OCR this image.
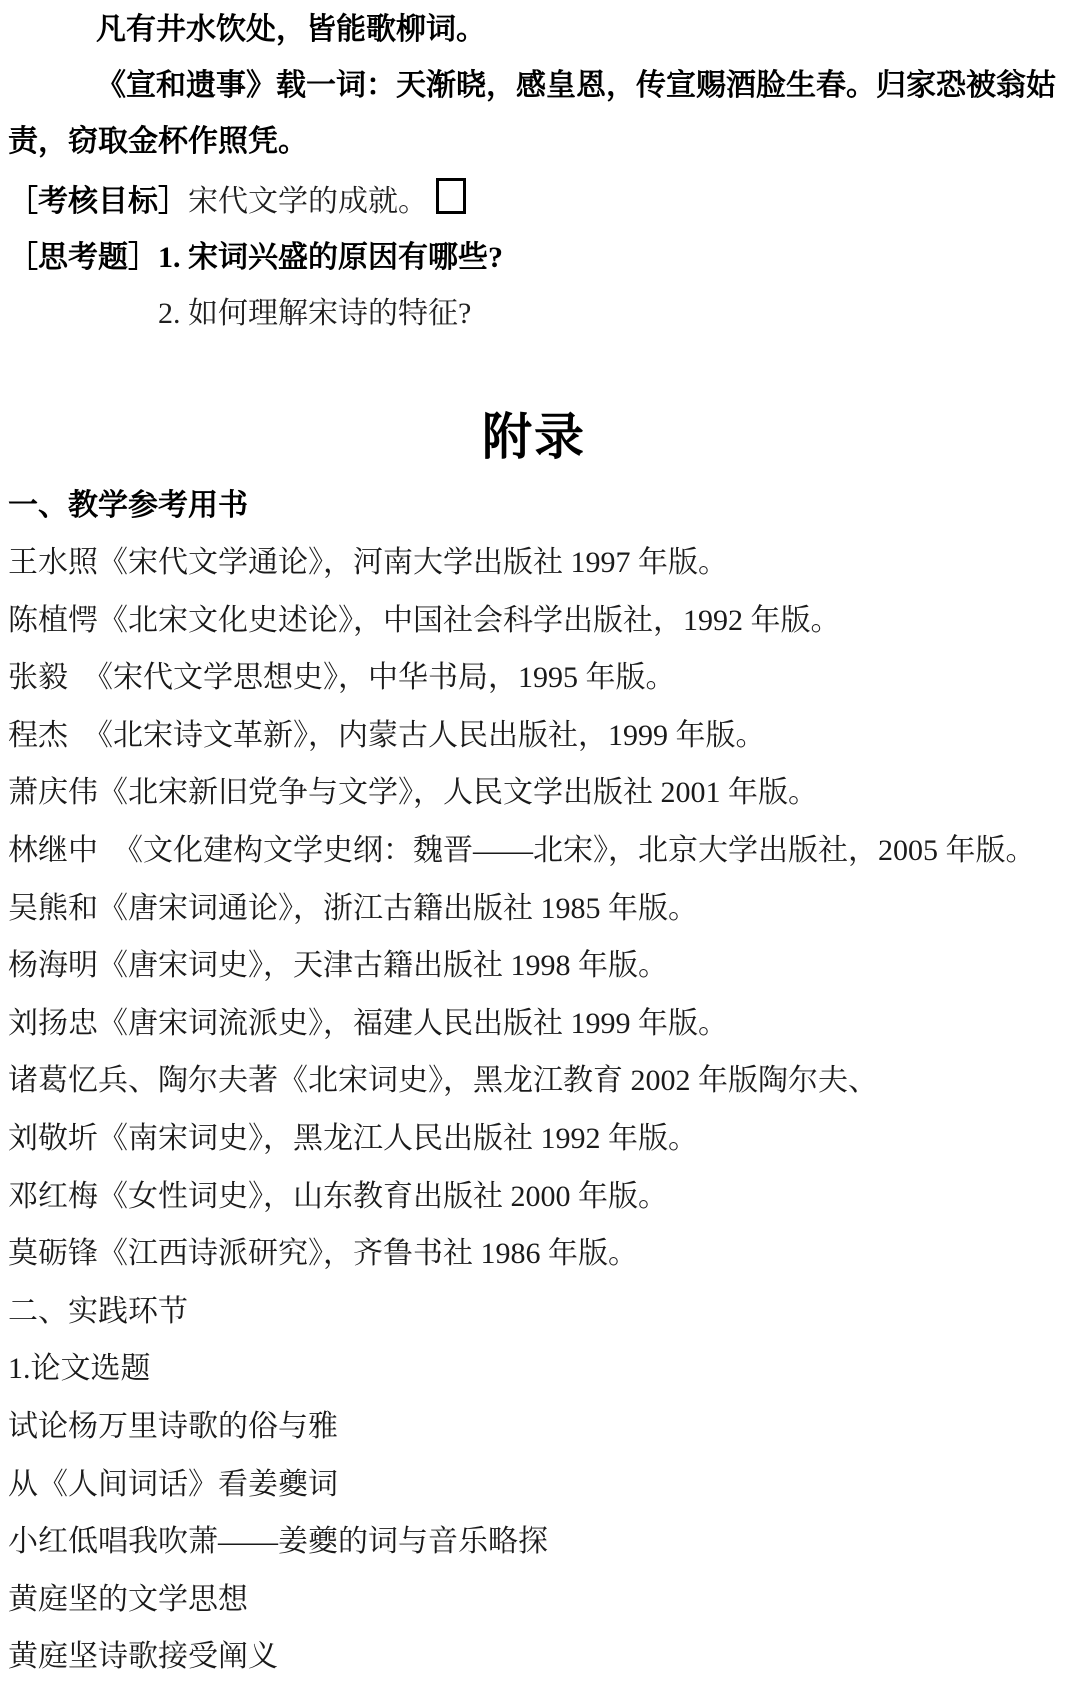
凡有井水饮处，皆能歌柳词。
《宣和遗事》载一词：天渐晓，感皇恩，传宣赐酒脸生春。归家恐被翁姑
责，窃取金杯作照凭。
［考核目标］宋代文学的成就。
［思考题］1. 宋词兴盛的原因有哪些?
2. 如何理解宋诗的特征?
附录
一、教学参考用书
王水照《宋代文学通论》，河南大学出版社 1997 年版。
陈植愕《北宋文化史述论》，中国社会科学出版社，1992 年版。
张毅　《宋代文学思想史》，中华书局，1995 年版。
程杰　《北宋诗文革新》，内蒙古人民出版社，1999 年版。
萧庆伟《北宋新旧党争与文学》，人民文学出版社 2001 年版。
林继中　《文化建构文学史纲：魏晋——北宋》，北京大学出版社，2005 年版。
吴熊和《唐宋词通论》，浙江古籍出版社 1985 年版。
杨海明《唐宋词史》，天津古籍出版社 1998 年版。
刘扬忠《唐宋词流派史》，福建人民出版社 1999 年版。
诸葛忆兵、陶尔夫著《北宋词史》，黑龙江教育 2002 年版陶尔夫、
刘敬圻《南宋词史》，黑龙江人民出版社 1992 年版。
邓红梅《女性词史》，山东教育出版社 2000 年版。
莫砺锋《江西诗派研究》，齐鲁书社 1986 年版。
二、实践环节
1.论文选题
试论杨万里诗歌的俗与雅
从《人间词话》看姜夔词
小红低唱我吹萧——姜夔的词与音乐略探
黄庭坚的文学思想
黄庭坚诗歌接受阐义
